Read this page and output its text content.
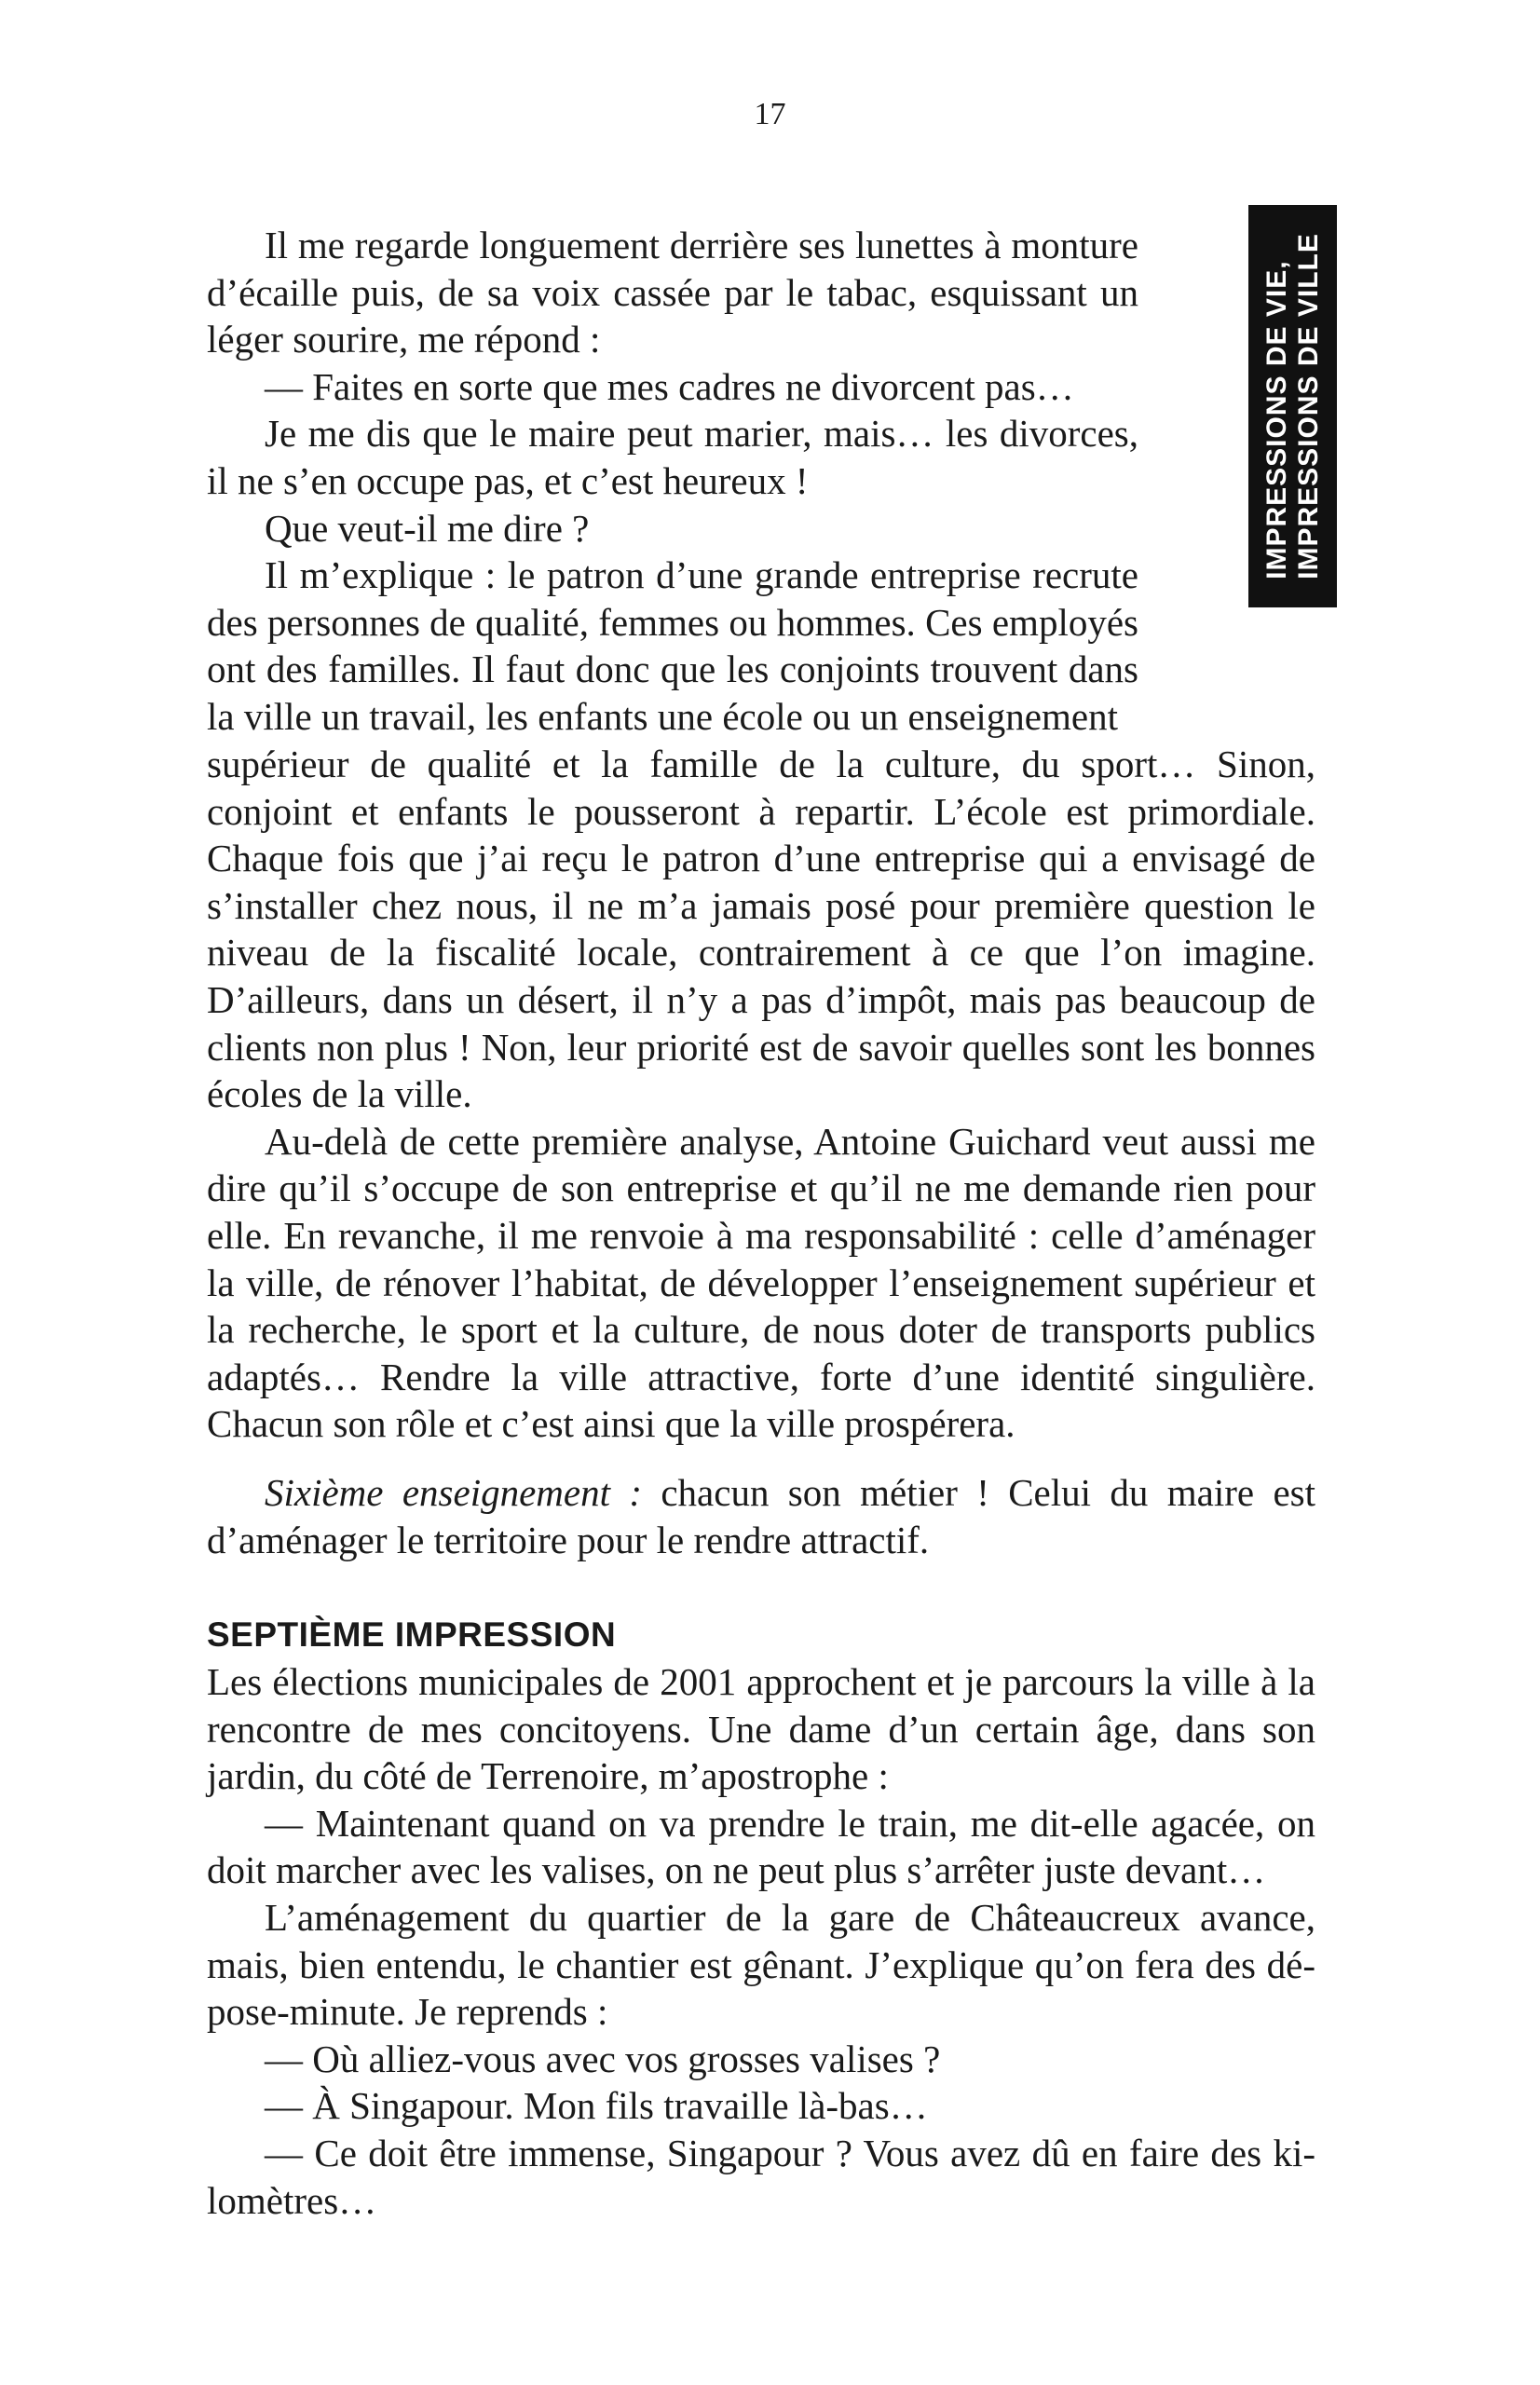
17
IMPRESSIONS DE VIE, IMPRESSIONS DE VILLE

Il me regarde longuement derrière ses lunettes à monture d’écaille puis, de sa voix cassée par le tabac, esquissant un léger sourire, me répond :

— Faites en sorte que mes cadres ne divorcent pas…

Je me dis que le maire peut marier, mais… les divorces, il ne s’en occupe pas, et c’est heureux !

Que veut-il me dire ?

Il m’explique : le patron d’une grande entreprise recrute des personnes de qualité, femmes ou hommes. Ces employés ont des familles. Il faut donc que les conjoints trouvent dans la ville un travail, les enfants une école ou un enseignement

supérieur de qualité et la famille de la culture, du sport… Sinon, conjoint et enfants le pousseront à repartir. L’école est primordiale. Chaque fois que j’ai reçu le patron d’une entreprise qui a envisagé de s’installer chez nous, il ne m’a jamais posé pour première question le niveau de la fiscalité locale, contrairement à ce que l’on imagine. D’ailleurs, dans un désert, il n’y a pas d’impôt, mais pas beaucoup de clients non plus ! Non, leur priorité est de savoir quelles sont les bonnes écoles de la ville.

Au-delà de cette première analyse, Antoine Guichard veut aussi me dire qu’il s’occupe de son entreprise et qu’il ne me demande rien pour elle. En revanche, il me renvoie à ma responsabilité : celle d’aménager la ville, de rénover l’habitat, de développer l’enseignement supérieur et la recherche, le sport et la culture, de nous doter de transports publics adaptés… Rendre la ville attractive, forte d’une identité singulière. Chacun son rôle et c’est ainsi que la ville prospérera.

Sixième enseignement : chacun son métier ! Celui du maire est d’aménager le territoire pour le rendre attractif.

SEPTIÈME IMPRESSION

Les élections municipales de 2001 approchent et je parcours la ville à la rencontre de mes concitoyens. Une dame d’un certain âge, dans son jardin, du côté de Terrenoire, m’apostrophe :

— Maintenant quand on va prendre le train, me dit-elle agacée, on doit marcher avec les valises, on ne peut plus s’arrêter juste devant…

L’aménagement du quartier de la gare de Châteaucreux avance, mais, bien entendu, le chantier est gênant. J’explique qu’on fera des dépose-minute. Je reprends :

— Où alliez-vous avec vos grosses valises ?

— À Singapour. Mon fils travaille là-bas…

— Ce doit être immense, Singapour ? Vous avez dû en faire des kilomètres…
